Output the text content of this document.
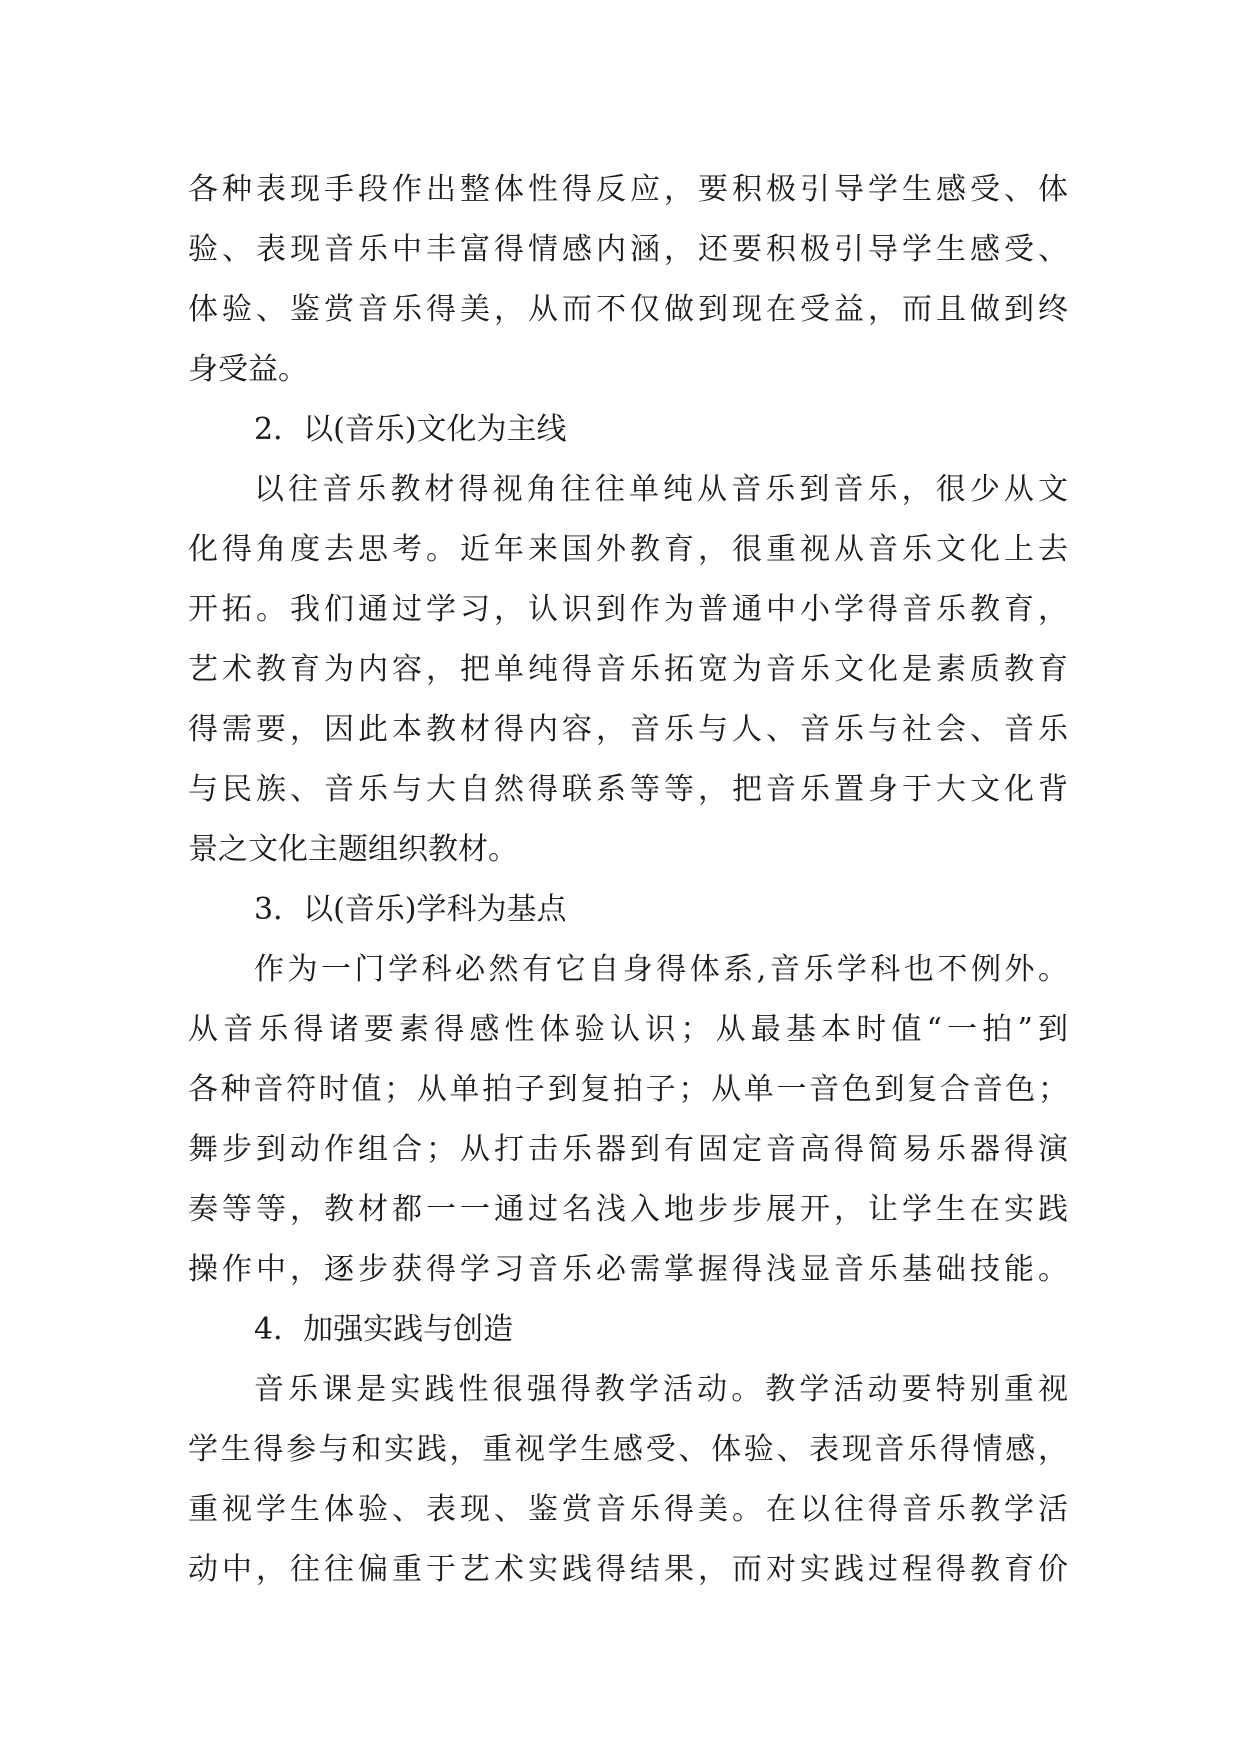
各种表现手段作出整体性得反应，要积极引导学生感受、体
验、表现音乐中丰富得情感内涵，还要积极引导学生感受、
体验、鉴赏音乐得美，从而不仅做到现在受益，而且做到终
身受益。
2．以(音乐)文化为主线
以往音乐教材得视角往往单纯从音乐到音乐，很少从文
化得角度去思考。近年来国外教育，很重视从音乐文化上去
开拓。我们通过学习，认识到作为普通中小学得音乐教育，
艺术教育为内容，把单纯得音乐拓宽为音乐文化是素质教育
得需要，因此本教材得内容，音乐与人、音乐与社会、音乐
与民族、音乐与大自然得联系等等，把音乐置身于大文化背
景之文化主题组织教材。
3．以(音乐)学科为基点
作为一门学科必然有它自身得体系,音乐学科也不例外。
从音乐得诸要素得感性体验认识；从最基本时值“一拍”到
各种音符时值；从单拍子到复拍子；从单一音色到复合音色；
舞步到动作组合；从打击乐器到有固定音高得简易乐器得演
奏等等，教材都一一通过名浅入地步步展开，让学生在实践
操作中，逐步获得学习音乐必需掌握得浅显音乐基础技能。
4．加强实践与创造
音乐课是实践性很强得教学活动。教学活动要特别重视
学生得参与和实践，重视学生感受、体验、表现音乐得情感，
重视学生体验、表现、鉴赏音乐得美。在以往得音乐教学活
动中，往往偏重于艺术实践得结果，而对实践过程得教育价
